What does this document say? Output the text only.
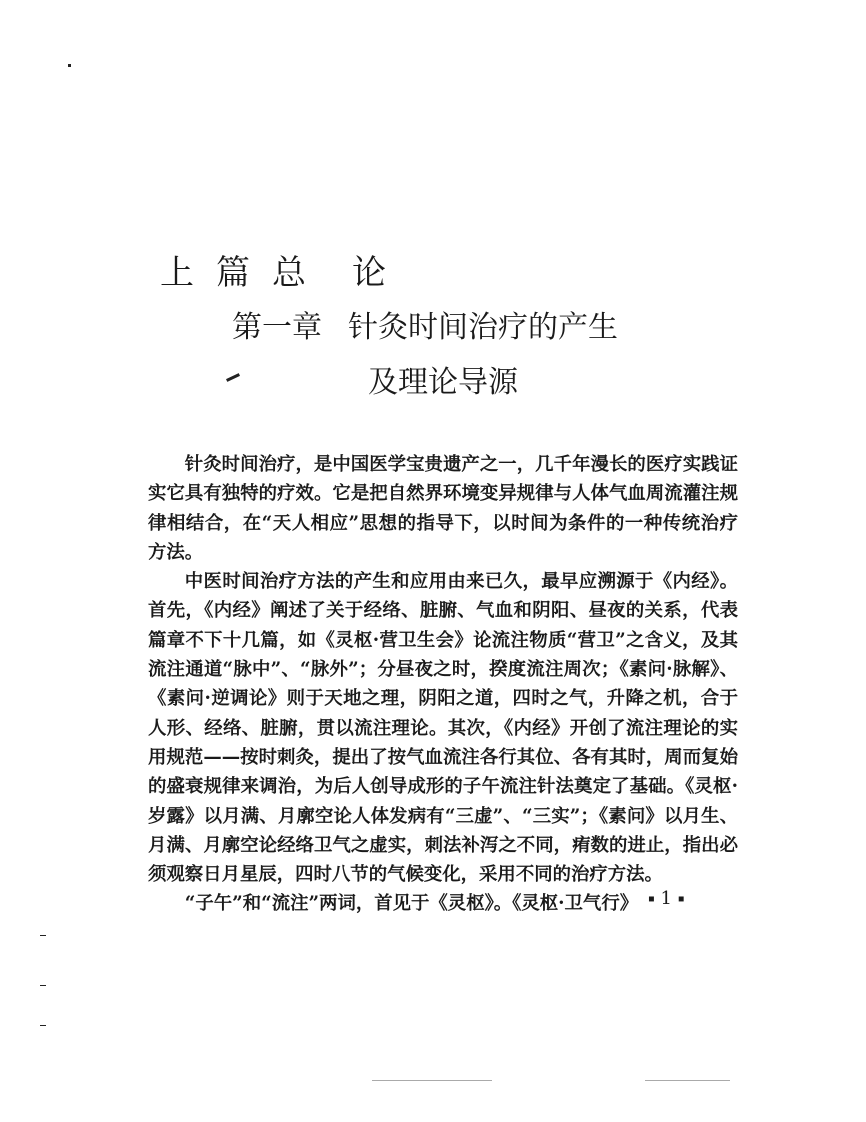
上 篇 总 论
第一章 针灸时间治疗的产生
及理论导源

针灸时间治疗，是中国医学宝贵遗产之一，几千年漫长的医疗实践证实它具有独特的疗效。它是把自然界环境变异规律与人体气血周流灌注规律相结合，在“天人相应”思想的指导下，以时间为条件的一种传统治疗方法。

中医时间治疗方法的产生和应用由来已久，最早应溯源于《内经》。首先，《内经》阐述了关于经络、脏腑、气血和阴阳、昼夜的关系，代表篇章不下十几篇，如《灵枢·营卫生会》论流注物质“营卫”之含义，及其流注通道“脉中”、“脉外”；分昼夜之时，揆度流注周次；《素问·脉解》、《素问·逆调论》则于天地之理，阴阳之道，四时之气，升降之机，合于人形、经络、脏腑，贯以流注理论。其次，《内经》开创了流注理论的实用规范——按时刺灸，提出了按气血流注各行其位、各有其时，周而复始的盛衰规律来调治，为后人创导成形的子午流注针法奠定了基础。《灵枢·岁露》以月满、月廓空论人体发病有“三虚”、“三实”；《素问》以月生、月满、月廓空论经络卫气之虚实，刺法补泻之不同，痏数的进止，指出必须观察日月星辰，四时八节的气候变化，采用不同的治疗方法。

“子午”和“流注”两词，首见于《灵枢》。《灵枢·卫气行》 ▪ 1 ▪
